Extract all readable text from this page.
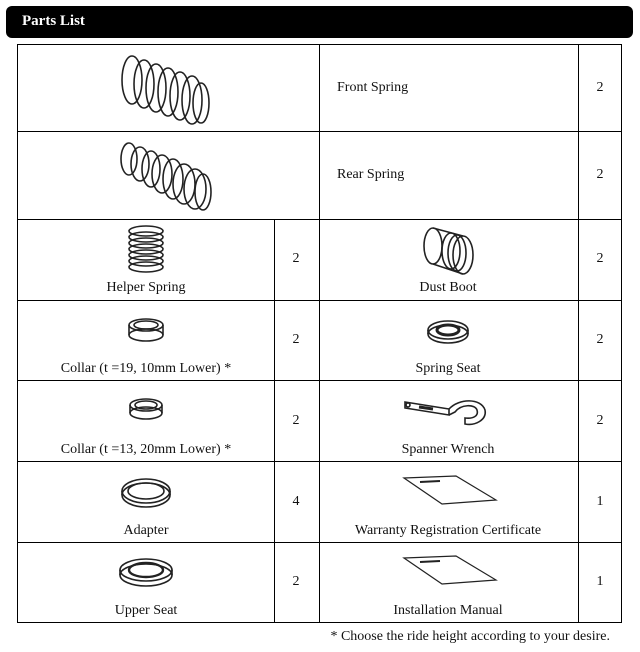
Parts List
Front Spring	2
Rear Spring	2
Helper Spring
2
Dust Boot
2
Collar (t =19, 10mm Lower) *
2
Spring Seat
2
Collar (t =13, 20mm Lower) *
2
Spanner Wrench
2
Adapter
4
Warranty Registration Certificate
1
Upper Seat
2
Installation Manual
1
* Choose the ride height according to your desire.
